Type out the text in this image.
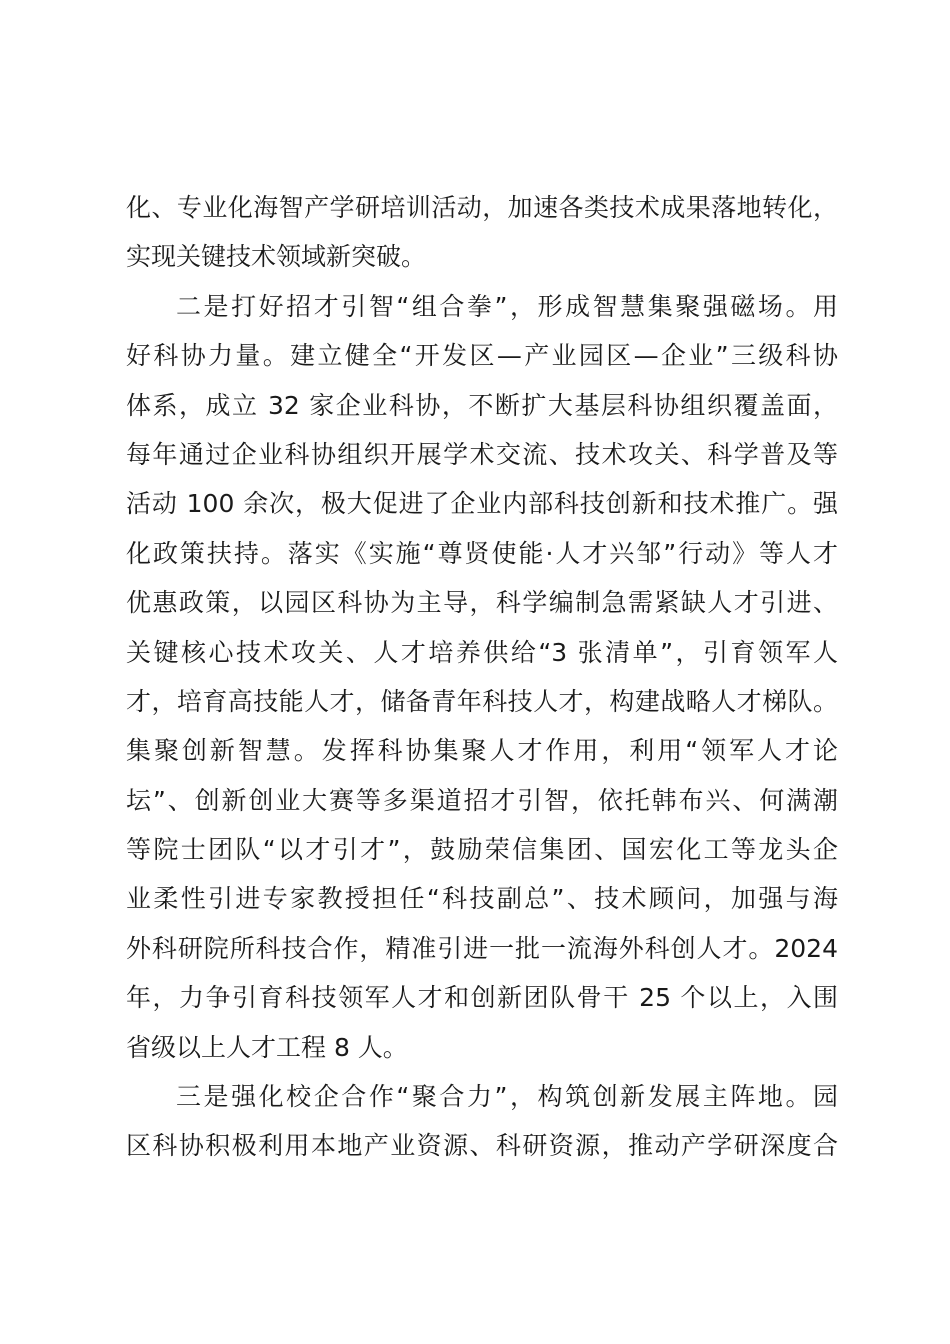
化、专业化海智产学研培训活动，加速各类技术成果落地转化，
实现关键技术领域新突破。
二是打好招才引智“组合拳”，形成智慧集聚强磁场。用
好科协力量。建立健全“开发区—产业园区—企业”三级科协
体系，成立 32 家企业科协，不断扩大基层科协组织覆盖面，
每年通过企业科协组织开展学术交流、技术攻关、科学普及等
活动 100 余次，极大促进了企业内部科技创新和技术推广。强
化政策扶持。落实《实施“尊贤使能·人才兴邹”行动》等人才
优惠政策，以园区科协为主导，科学编制急需紧缺人才引进、
关键核心技术攻关、人才培养供给“3 张清单”，引育领军人
才，培育高技能人才，储备青年科技人才，构建战略人才梯队。
集聚创新智慧。发挥科协集聚人才作用，利用“领军人才论
坛”、创新创业大赛等多渠道招才引智，依托韩布兴、何满潮
等院士团队“以才引才”，鼓励荣信集团、国宏化工等龙头企
业柔性引进专家教授担任“科技副总”、技术顾问，加强与海
外科研院所科技合作，精准引进一批一流海外科创人才。2024
年，力争引育科技领军人才和创新团队骨干 25 个以上，入围
省级以上人才工程 8 人。
三是强化校企合作“聚合力”，构筑创新发展主阵地。园
区科协积极利用本地产业资源、科研资源，推动产学研深度合
